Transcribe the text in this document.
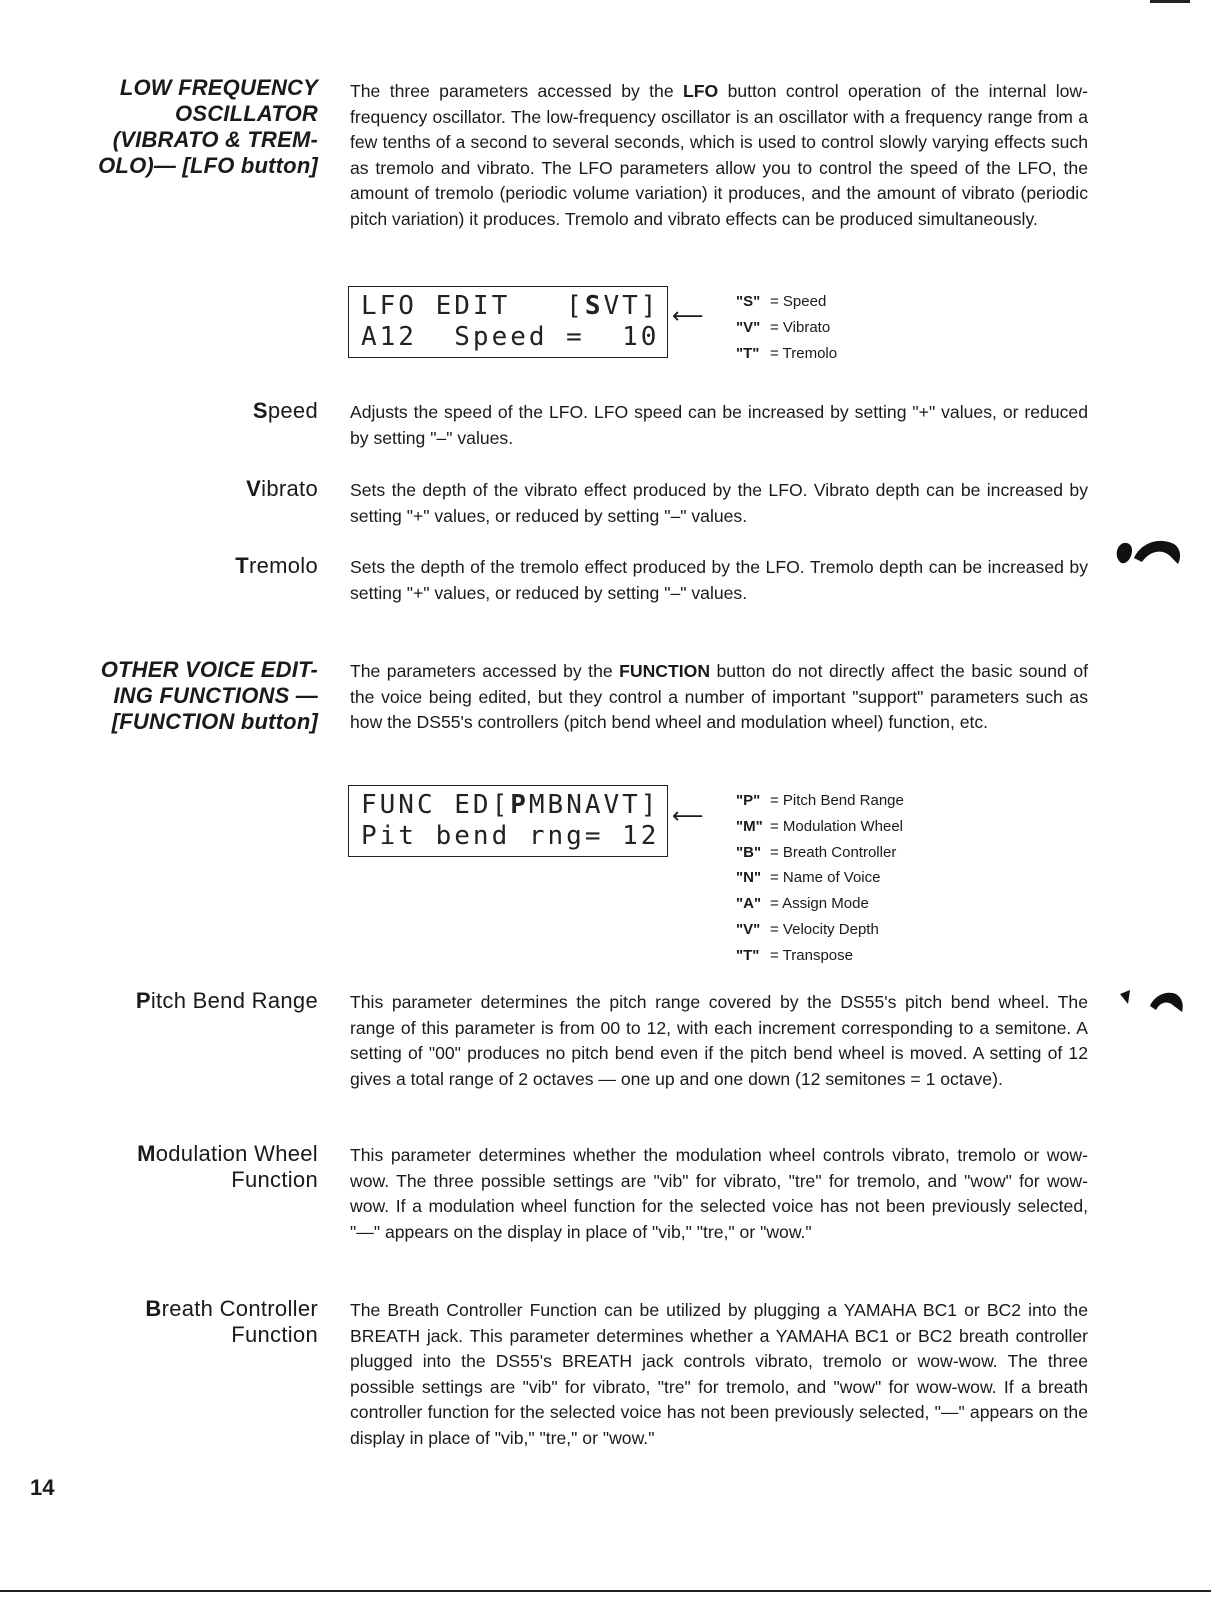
LOW FREQUENCY
OSCILLATOR
(VIBRATO & TREM-
OLO)— [LFO button]
The three parameters accessed by the LFO button control operation of the internal low-frequency oscillator. The low-frequency oscillator is an oscillator with a frequency range from a few tenths of a second to several seconds, which is used to control slowly varying effects such as tremolo and vibrato. The LFO parameters allow you to control the speed of the LFO, the amount of tremolo (periodic volume variation) it produces, and the amount of vibrato (periodic pitch variation) it produces. Tremolo and vibrato effects can be produced simultaneously.
LFO EDIT   [SVT]
A12  Speed =  10
⟵
"S" = Speed
"V" = Vibrato
"T" = Tremolo
Speed Adjusts the speed of the LFO. LFO speed can be increased by setting "+" values, or reduced by setting "–" values.
Vibrato Sets the depth of the vibrato effect produced by the LFO. Vibrato depth can be increased by setting "+" values, or reduced by setting "–" values.
Tremolo Sets the depth of the tremolo effect produced by the LFO. Tremolo depth can be increased by setting "+" values, or reduced by setting "–" values.
OTHER VOICE EDIT-
ING FUNCTIONS —
[FUNCTION button]
The parameters accessed by the FUNCTION button do not directly affect the basic sound of the voice being edited, but they control a number of important "support" parameters such as how the DS55's controllers (pitch bend wheel and modulation wheel) function, etc.
FUNC ED[PMBNAVT]
Pit bend rng= 12
⟵
"P" = Pitch Bend Range
"M" = Modulation Wheel
"B" = Breath Controller
"N" = Name of Voice
"A" = Assign Mode
"V" = Velocity Depth
"T" = Transpose
Pitch Bend Range This parameter determines the pitch range covered by the DS55's pitch bend wheel. The range of this parameter is from 00 to 12, with each increment corresponding to a semitone. A setting of "00" produces no pitch bend even if the pitch bend wheel is moved. A setting of 12 gives a total range of 2 octaves — one up and one down (12 semitones = 1 octave).
Modulation Wheel
Function
This parameter determines whether the modulation wheel controls vibrato, tremolo or wow-wow. The three possible settings are "vib" for vibrato, "tre" for tremolo, and "wow" for wow-wow. If a modulation wheel function for the selected voice has not been previously selected, "—" appears on the display in place of "vib," "tre," or "wow."
Breath Controller
Function
The Breath Controller Function can be utilized by plugging a YAMAHA BC1 or BC2 into the BREATH jack. This parameter determines whether a YAMAHA BC1 or BC2 breath controller plugged into the DS55's BREATH jack controls vibrato, tremolo or wow-wow. The three possible settings are "vib" for vibrato, "tre" for tremolo, and "wow" for wow-wow. If a breath controller function for the selected voice has not been previously selected, "—" appears on the display in place of "vib," "tre," or "wow."
14
